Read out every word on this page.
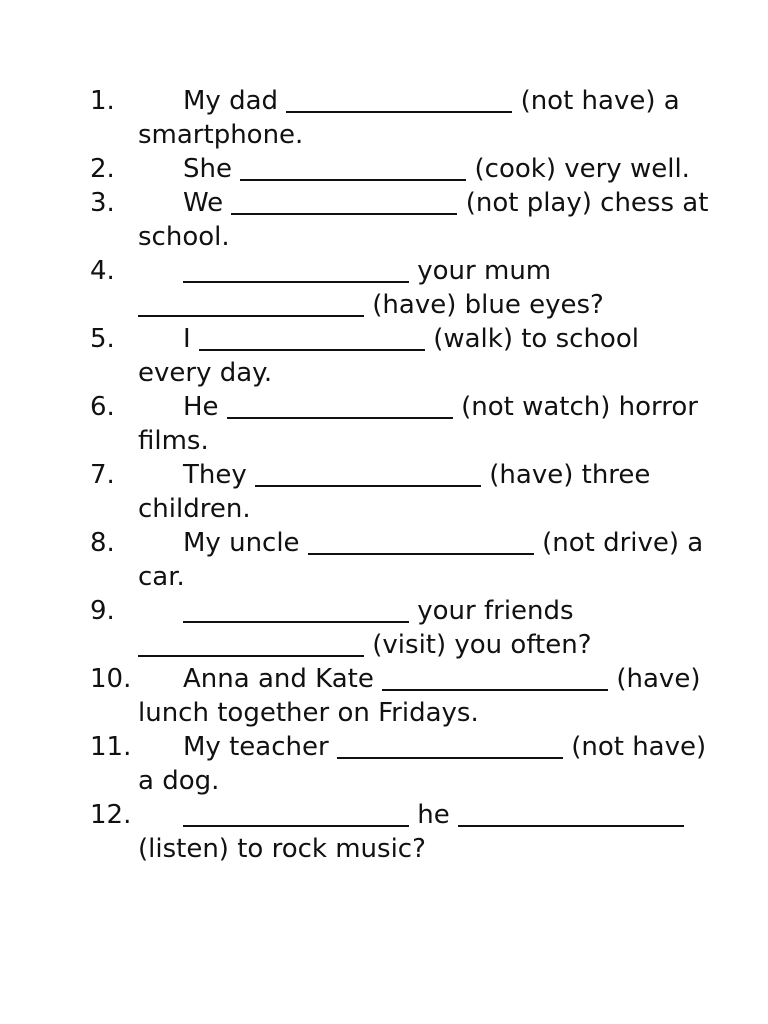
1.	My dad	(not have) a smartphone.
2.	She	(cook) very well.
3.	We	(not play) chess at school.
4.	your mum  (have) blue eyes?
5.	I	(walk) to school every day.
6.	He	(not watch) horror films.
7.	They	(have) three children.
8.	My uncle	(not drive) a car.
9.	your friends  (visit) you often?
10.	Anna and Kate	(have) lunch together on Fridays.
11.	My teacher	(not have) a dog.
12.	he  (listen) to rock music?
